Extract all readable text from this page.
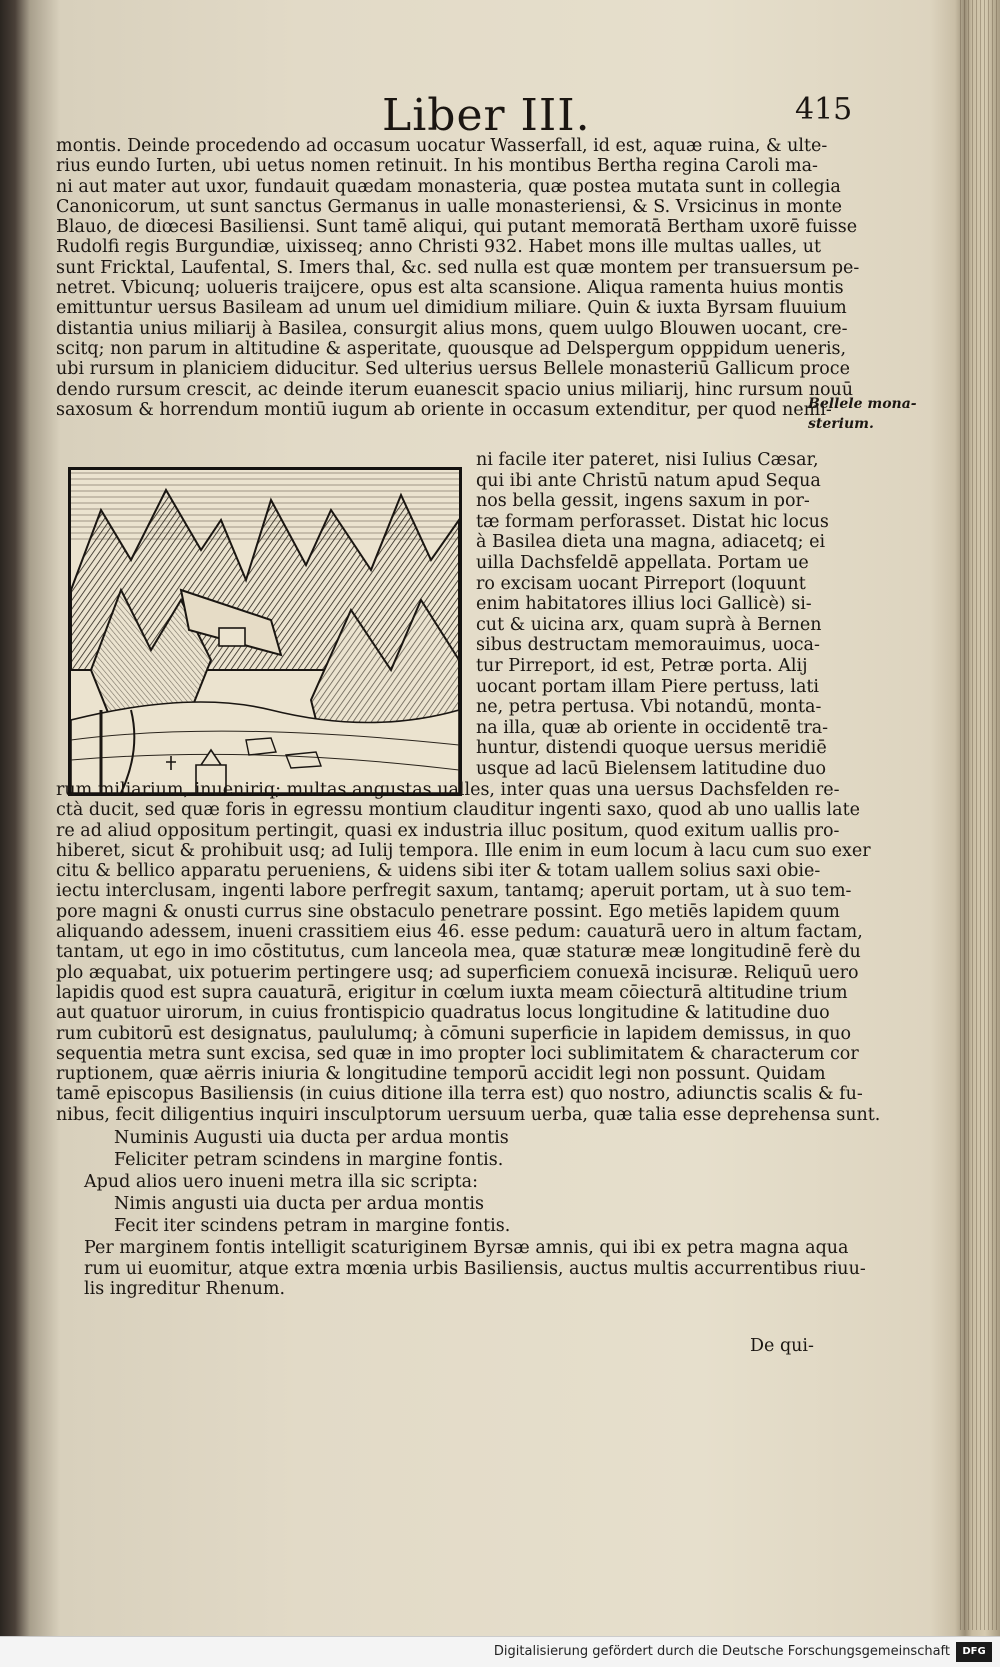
Liber III.	415
montis. Deinde procedendo ad occasum uocatur Wasserfall, id est, aquæ ruina, & ulte-
rius eundo Iurten, ubi uetus nomen retinuit. In his montibus Bertha regina Caroli ma-
ni aut mater aut uxor, fundauit quædam monasteria, quæ postea mutata sunt in collegia
Canonicorum, ut sunt sanctus Germanus in ualle monasteriensi, & S. Vrsicinus in monte
Blauo, de diœcesi Basiliensi. Sunt tamē aliqui, qui putant memoratā Bertham uxorē fuisse
Rudolfi regis Burgundiæ, uixisseq; anno Christi 932. Habet mons ille multas ualles, ut
sunt Fricktal, Laufental, S. Imers thal, &c. sed nulla est quæ montem per transuersum pe-
netret. Vbicunq; uolueris traijcere, opus est alta scansione. Aliqua ramenta huius montis
emittuntur uersus Basileam ad unum uel dimidium miliare. Quin & iuxta Byrsam fluuium
distantia unius miliarij à Basilea, consurgit alius mons, quem uulgo Blouwen uocant, cre-
scitq; non parum in altitudine & asperitate, quousque ad Delspergum opppidum ueneris,
ubi rursum in planiciem diducitur. Sed ulterius uersus Bellele monasteriū Gallicum proce
dendo rursum crescit, ac deinde iterum euanescit spacio unius miliarij, hinc rursum nouū
saxosum & horrendum montiū iugum ab oriente in occasum extenditur, per quod nemi-
Bellele mona-
sterium.
ni facile iter pateret, nisi Iulius Cæsar,
qui ibi ante Christū natum apud Sequa
nos bella gessit, ingens saxum in por-
tæ formam perforasset. Distat hic locus
à Basilea dieta una magna, adiacetq; ei
uilla Dachsfeldē appellata. Portam ue
ro excisam uocant Pirreport (loquunt
enim habitatores illius loci Gallicè) si-
cut & uicina arx, quam suprà à Bernen
sibus destructam memorauimus, uoca-
tur Pirreport, id est, Petræ porta. Alij
uocant portam illam Piere pertuss, lati
ne, petra pertusa. Vbi notandū, monta-
na illa, quæ ab oriente in occidentē tra-
huntur, distendi quoque uersus meridiē
usque ad lacū Bielensem latitudine duo
rum miliarium, inueniriq; multas angustas ualles, inter quas una uersus Dachsfelden re-
ctà ducit, sed quæ foris in egressu montium clauditur ingenti saxo, quod ab uno uallis late
re ad aliud oppositum pertingit, quasi ex industria illuc positum, quod exitum uallis pro-
hiberet, sicut & prohibuit usq; ad Iulij tempora. Ille enim in eum locum à lacu cum suo exer
citu & bellico apparatu perueniens, & uidens sibi iter & totam uallem solius saxi obie-
iectu interclusam, ingenti labore perfregit saxum, tantamq; aperuit portam, ut à suo tem-
pore magni & onusti currus sine obstaculo penetrare possint. Ego metiēs lapidem quum
aliquando adessem, inueni crassitiem eius 46. esse pedum: cauaturā uero in altum factam,
tantam, ut ego in imo cōstitutus, cum lanceola mea, quæ staturæ meæ longitudinē ferè du
plo æquabat, uix potuerim pertingere usq; ad superficiem conuexā incisuræ. Reliquū uero
lapidis quod est supra cauaturā, erigitur in cœlum iuxta meam cōiecturā altitudine trium
aut quatuor uirorum, in cuius frontispicio quadratus locus longitudine & latitudine duo
rum cubitorū est designatus, paululumq; à cōmuni superficie in lapidem demissus, in quo
sequentia metra sunt excisa, sed quæ in imo propter loci sublimitatem & characterum cor
ruptionem, quæ aërris iniuria & longitudine temporū accidit legi non possunt. Quidam
tamē episcopus Basiliensis (in cuius ditione illa terra est) quo nostro, adiunctis scalis & fu-
nibus, fecit diligentius inquiri insculptorum uersuum uerba, quæ talia esse deprehensa sunt.
Numinis Augusti uia ducta per ardua montis
Feliciter petram scindens in margine fontis.
Apud alios uero inueni metra illa sic scripta:
Nimis angusti uia ducta per ardua montis
Fecit iter scindens petram in margine fontis.
Per marginem fontis intelligit scaturiginem Byrsæ amnis, qui ibi ex petra magna aqua
rum ui euomitur, atque extra mœnia urbis Basiliensis, auctus multis accurrentibus riuu-
lis ingreditur Rhenum.
De qui-
Digitalisierung gefördert durch die Deutsche Forschungsgemeinschaft	DFG
